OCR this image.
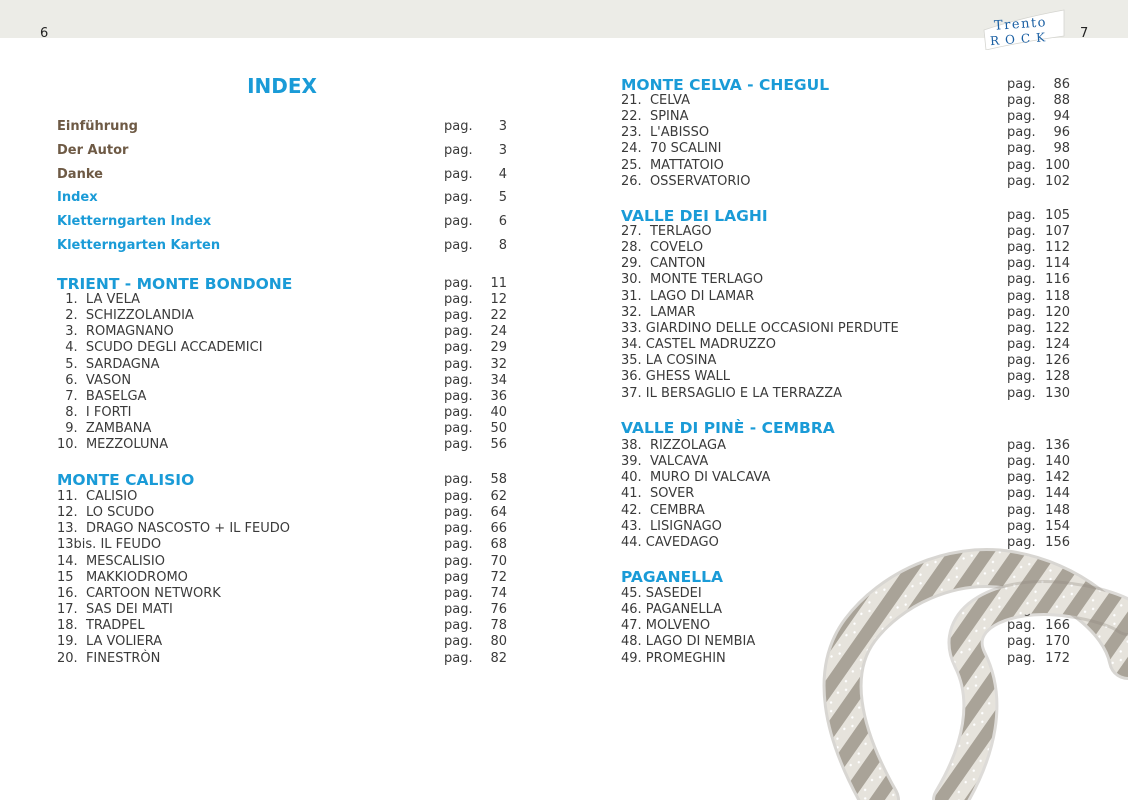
6	7
Trento
ROCK
INDEX
Einführung	pag. 3
Der Autor	pag. 3
Danke	pag. 4
Index	pag. 5
Kletterngarten Index	pag. 6
Kletterngarten Karten	pag. 8
TRIENT - MONTE BONDONE	pag. 11
1.  LA VELA	pag. 12
2.  SCHIZZOLANDIA	pag. 22
3.  ROMAGNANO	pag. 24
4.  SCUDO DEGLI ACCADEMICI	pag. 29
5.  SARDAGNA	pag. 32
6.  VASON	pag. 34
7.  BASELGA	pag. 36
8.  I FORTI	pag. 40
9.  ZAMBANA	pag. 50
10.  MEZZOLUNA	pag. 56
MONTE CALISIO	pag. 58
11.  CALISIO	pag. 62
12.  LO SCUDO	pag. 64
13.  DRAGO NASCOSTO + IL FEUDO	pag. 66
13bis. IL FEUDO	pag. 68
14.  MESCALISIO	pag. 70
15   MAKKIODROMO	pag 72
16.  CARTOON NETWORK	pag. 74
17.  SAS DEI MATI	pag. 76
18.  TRADPEL	pag. 78
19.  LA VOLIERA	pag. 80
20.  FINESTRÒN	pag. 82
MONTE CELVA - CHEGUL	pag. 86
21.  CELVA	pag. 88
22.  SPINA	pag. 94
23.  L'ABISSO	pag. 96
24.  70 SCALINI	pag. 98
25.  MATTATOIO	pag. 100
26.  OSSERVATORIO	pag. 102
VALLE DEI LAGHI	pag. 105
27.  TERLAGO	pag. 107
28.  COVELO	pag. 112
29.  CANTON	pag. 114
30.  MONTE TERLAGO	pag. 116
31.  LAGO DI LAMAR	pag. 118
32.  LAMAR	pag. 120
33. GIARDINO DELLE OCCASIONI PERDUTE	pag. 122
34. CASTEL MADRUZZO	pag. 124
35. LA COSINA	pag. 126
36. GHESS WALL	pag. 128
37. IL BERSAGLIO E LA TERRAZZA	pag. 130
VALLE DI PINÈ - CEMBRA
38.  RIZZOLAGA	pag. 136
39.  VALCAVA	pag. 140
40.  MURO DI VALCAVA	pag. 142
41.  SOVER	pag. 144
42.  CEMBRA	pag. 148
43.  LISIGNAGO	pag. 154
44. CAVEDAGO	pag. 156
PAGANELLA
45. SASEDEI	pag. 160
46. PAGANELLA	pag. 162
47. MOLVENO	pag. 166
48. LAGO DI NEMBIA	pag. 170
49. PROMEGHIN	pag. 172
